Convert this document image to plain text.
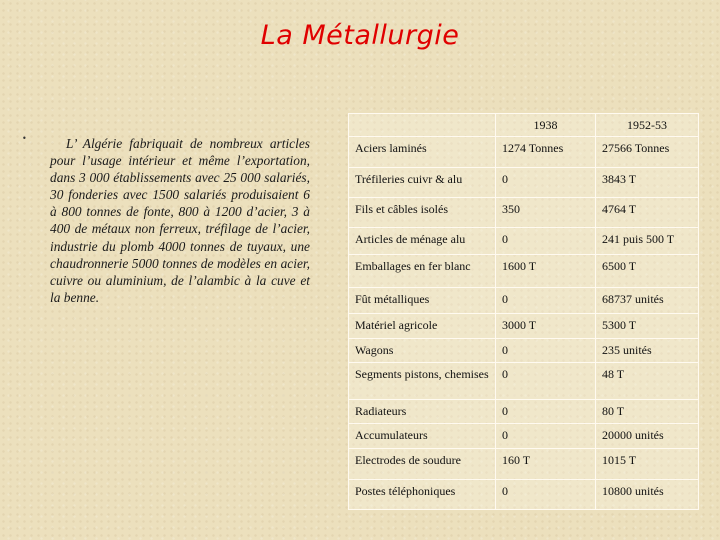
La Métallurgie
•	L’ Algérie fabriquait de nombreux articles pour l’usage intérieur et même l’exportation, dans 3 000 établissements avec 25 000 salariés, 30 fonderies avec 1500 salariés produisaient 6 à 800 tonnes de fonte, 800 à 1200 d’acier, 3 à 400 de métaux non ferreux, tréfilage de l’acier, industrie du plomb 4000 tonnes de tuyaux, une chaudronnerie 5000 tonnes de modèles en acier, cuivre ou aluminium, de l’alambic à la cuve et la benne.

	1938	1952-53
Aciers laminés	1274 Tonnes	27566 Tonnes
Tréfileries cuivr & alu	0	3843 T
Fils et câbles isolés	350	4764 T
Articles de ménage alu	0	241 puis 500 T
Emballages en fer blanc	1600 T	6500 T
Fût métalliques	0	68737 unités
Matériel agricole	3000 T	5300 T
Wagons	0	235 unités
Segments pistons, chemises	0	48 T
Radiateurs	0	80 T
Accumulateurs	0	20000 unités
Electrodes de soudure	160 T	1015 T
Postes téléphoniques	0	10800 unités
